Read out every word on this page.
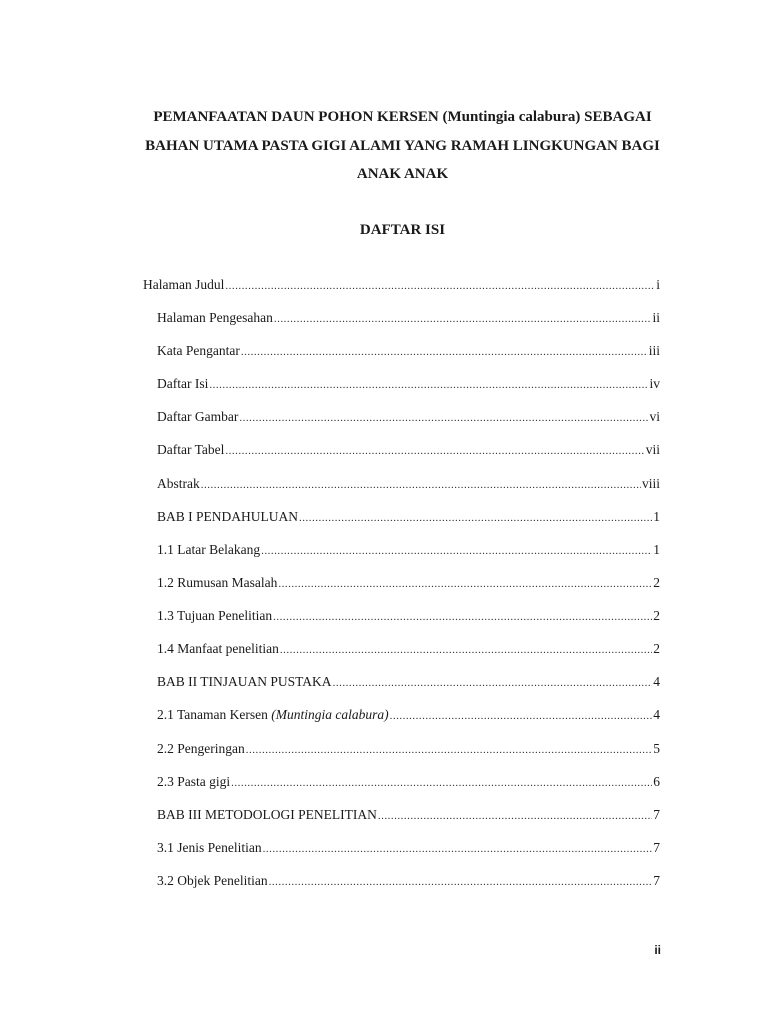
PEMANFAATAN DAUN POHON KERSEN (Muntingia calabura) SEBAGAI
BAHAN UTAMA PASTA GIGI ALAMI YANG RAMAH LINGKUNGAN BAGI
ANAK ANAK
DAFTAR ISI
Halaman Judul .....	i
Halaman Pengesahan .....	ii
Kata Pengantar .....	iii
Daftar Isi .....	iv
Daftar Gambar .....	vi
Daftar Tabel .....	vii
Abstrak .....	viii
BAB I PENDAHULUAN .....	1
1.1 Latar Belakang .....	1
1.2 Rumusan Masalah .....	2
1.3 Tujuan Penelitian .....	2
1.4 Manfaat penelitian .....	2
BAB II TINJAUAN PUSTAKA .....	4
2.1 Tanaman Kersen (Muntingia calabura) .....	4
2.2 Pengeringan .....	5
2.3 Pasta gigi .....	6
BAB III METODOLOGI PENELITIAN .....	7
3.1 Jenis Penelitian .....	7
3.2 Objek Penelitian .....	7
ii
